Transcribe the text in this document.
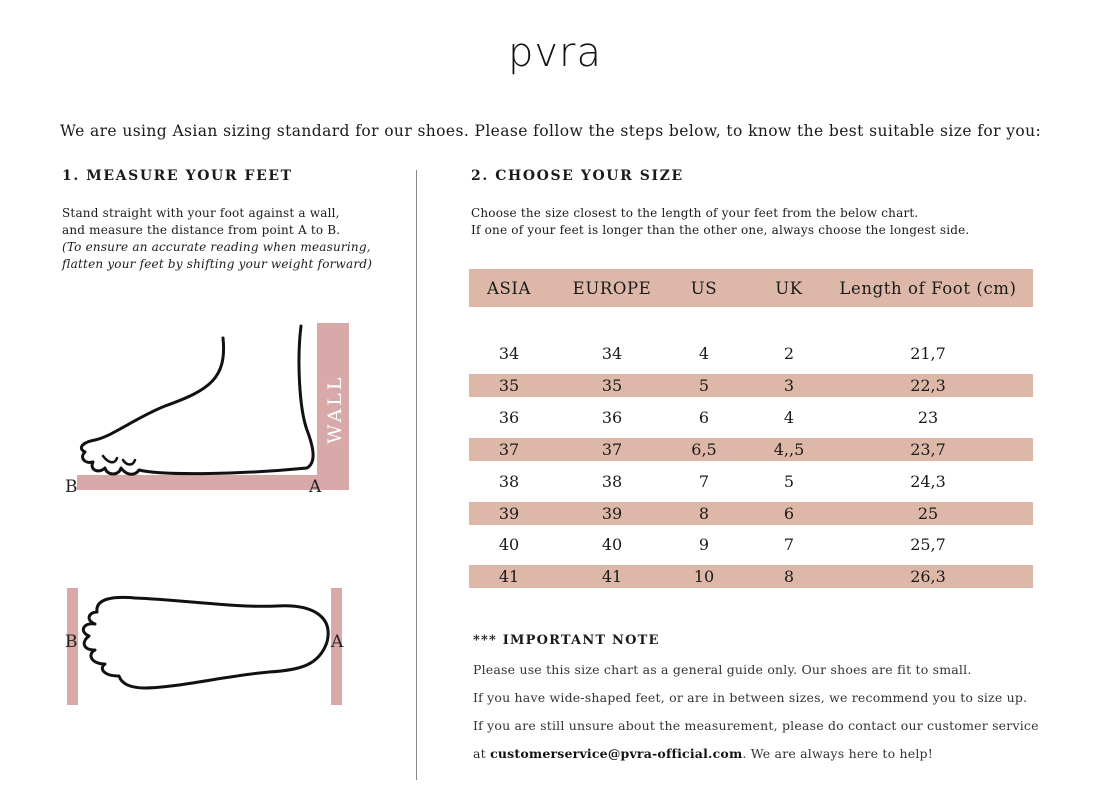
pvra
We are using Asian sizing standard for our shoes. Please follow the steps below, to know the best suitable size for you:
1. MEASURE YOUR FEET	2. CHOOSE YOUR SIZE
Stand straight with your foot against a wall,
and measure the distance from point A to B.
(To ensure an accurate reading when measuring,
flatten your feet by shifting your weight forward)
Choose the size closest to the length of your feet from the below chart.
If one of your feet is longer than the other one, always choose the longest side.
WALL
B	A
B	A
ASIA	EUROPE	US	UK	Length of Foot (cm)
34	34	4	2	21,7
35	35	5	3	22,3
36	36	6	4	23
37	37	6,5	4,,5	23,7
38	38	7	5	24,3
39	39	8	6	25
40	40	9	7	25,7
41	41	10	8	26,3
*** IMPORTANT NOTE
Please use this size chart as a general guide only. Our shoes are fit to small.
If you have wide-shaped feet, or are in between sizes, we recommend you to size up.
If you are still unsure about the measurement, please do contact our customer service
at customerservice@pvra-official.com. We are always here to help!
